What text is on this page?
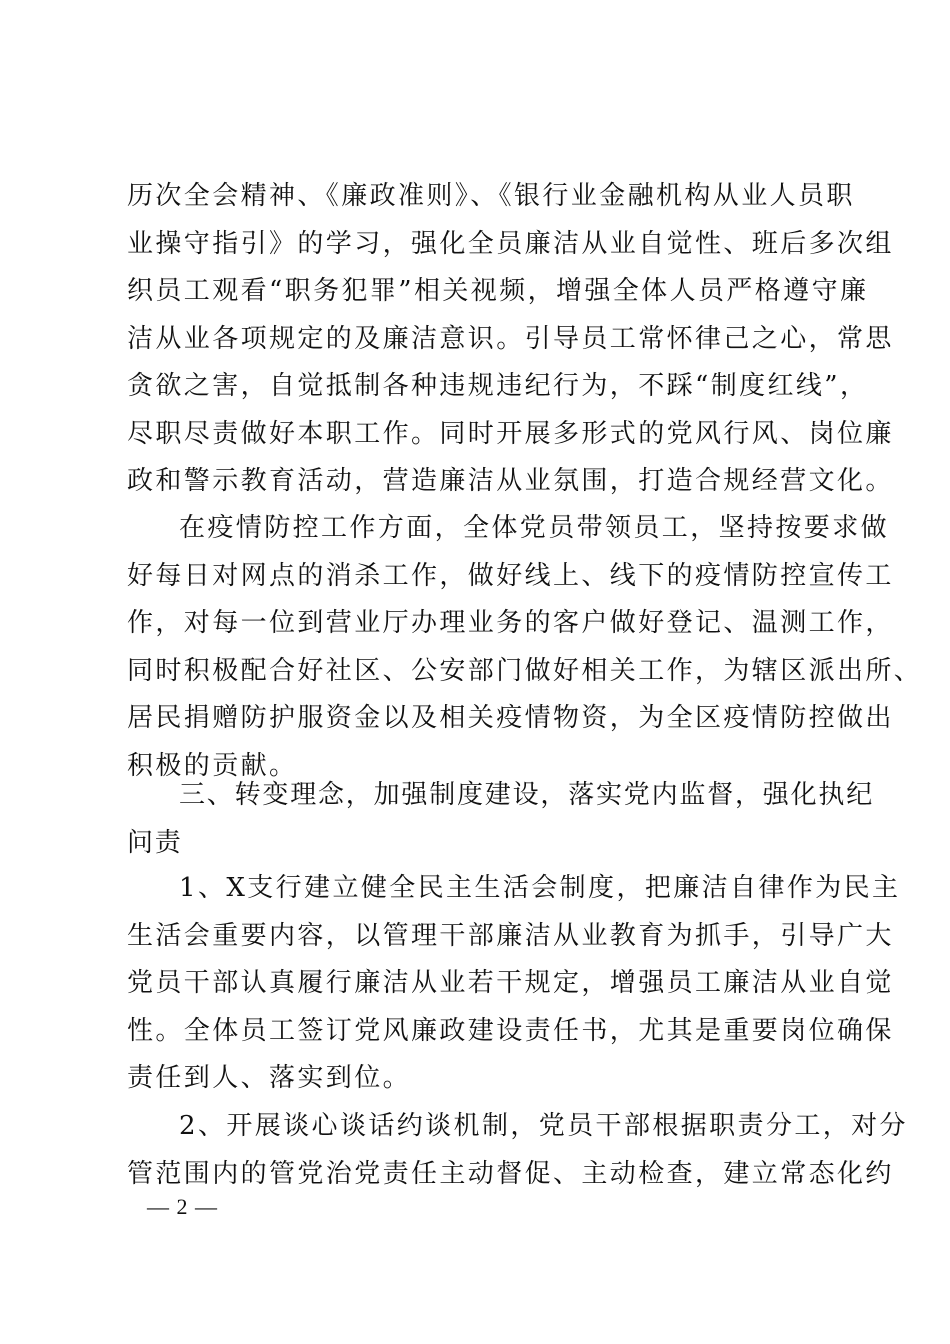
历次全会精神、《廉政准则》、《银行业金融机构从业人员职
业操守指引》的学习，强化全员廉洁从业自觉性、班后多次组
织员工观看“职务犯罪”相关视频，增强全体人员严格遵守廉
洁从业各项规定的及廉洁意识。引导员工常怀律己之心，常思
贪欲之害，自觉抵制各种违规违纪行为，不踩“制度红线”，
尽职尽责做好本职工作。同时开展多形式的党风行风、岗位廉
政和警示教育活动，营造廉洁从业氛围，打造合规经营文化。
在疫情防控工作方面，全体党员带领员工，坚持按要求做
好每日对网点的消杀工作，做好线上、线下的疫情防控宣传工
作，对每一位到营业厅办理业务的客户做好登记、温测工作，
同时积极配合好社区、公安部门做好相关工作，为辖区派出所、
居民捐赠防护服资金以及相关疫情物资，为全区疫情防控做出
积极的贡献。
三、转变理念，加强制度建设，落实党内监督，强化执纪
问责
1、X支行建立健全民主生活会制度，把廉洁自律作为民主
生活会重要内容，以管理干部廉洁从业教育为抓手，引导广大
党员干部认真履行廉洁从业若干规定，增强员工廉洁从业自觉
性。全体员工签订党风廉政建设责任书，尤其是重要岗位确保
责任到人、落实到位。
2、开展谈心谈话约谈机制，党员干部根据职责分工，对分
管范围内的管党治党责任主动督促、主动检查，建立常态化约
— 2 —
